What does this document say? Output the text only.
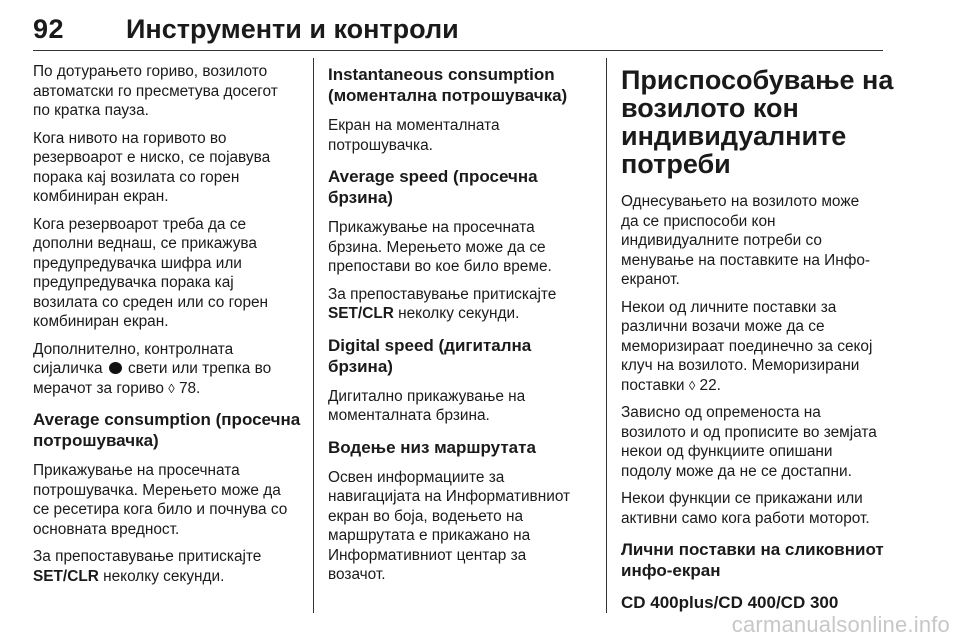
92 Инструменти и контроли

По дотурањето гориво, возилото
автоматски го пресметува досегот
по кратка пауза.

Кога нивото на горивото во
резервоарот е ниско, се појавува
порака кај возилата со горен
комбиниран екран.

Кога резервоарот треба да се
дополни веднаш, се прикажува
предупредувачка шифра или
предупредувачка порака кај
возилата со среден или со горен
комбиниран екран.

Дополнително, контролната
сијаличка  свети или трепка во
мерачот за гориво ◊ 78.

Average consumption (просечна
потрошувачка)

Прикажување на просечната
потрошувачка. Мерењето може да
се ресетира кога било и почнува со
основната вредност.

За препоставување притискајте
SET/CLR неколку секунди.

Instantaneous consumption
(моментална потрошувачка)

Екран на моменталната
потрошувачка.

Average speed (просечна
брзина)

Прикажување на просечната
брзина. Мерењето може да се
препостави во кое било време.

За препоставување притискајте
SET/CLR неколку секунди.

Digital speed (дигитална
брзина)

Дигитално прикажување на
моменталната брзина.

Водење низ маршрутата

Освен информациите за
навигацијата на Информативниот
екран во боја, водењето на
маршрутата е прикажано на
Информативниот центар за
возачот.

Приспособување на
возилото кон
индивидуалните
потреби

Однесувањето на возилото може
да се приспособи кон
индивидуалните потреби со
менување на поставките на Инфо-
екранот.

Некои од личните поставки за
различни возачи може да се
меморизираат поединечно за секој
клуч на возилото. Меморизирани
поставки ◊ 22.

Зависно од опременоста на
возилото и од прописите во земјата
некои од функциите опишани
подолу може да не се достапни.

Некои функции се прикажани или
активни само кога работи моторот.

Лични поставки на сликовниот
инфо-екран
CD 400plus/CD 400/CD 300
carmanualsonline.info
